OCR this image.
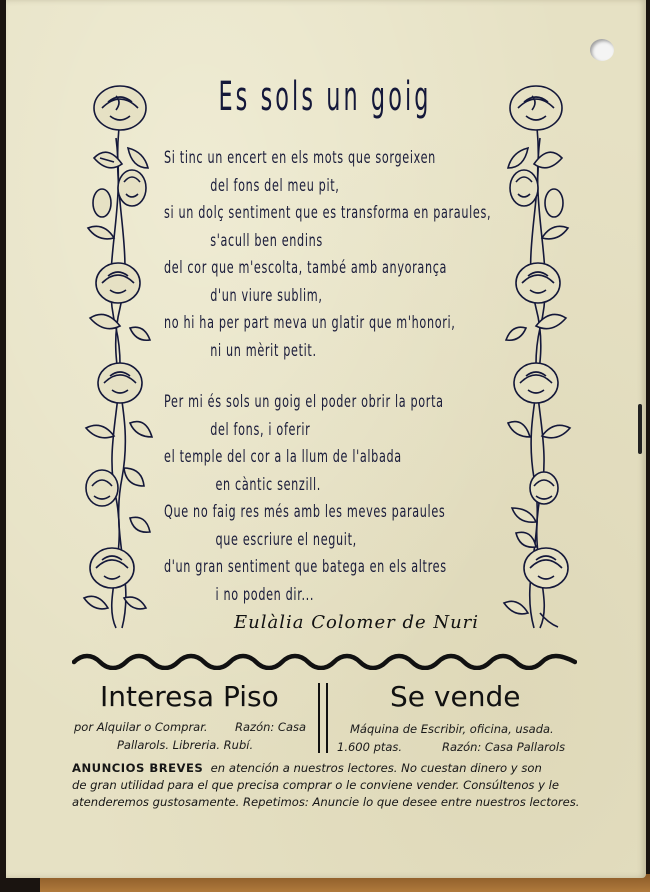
Es sols un goig
Si tinc un encert en els mots que sorgeixen
del fons del meu pit,
si un dolç sentiment que es transforma en paraules,
s'acull ben endins
del cor que m'escolta, també amb anyorança
d'un viure sublim,
no hi ha per part meva un glatir que m'honori,
ni un mèrit petit.
Per mi és sols un goig el poder obrir la porta
del fons, i oferir
el temple del cor a la llum de l'albada
en càntic senzill.
Que no faig res més amb les meves paraules
que escriure el neguit,
d'un gran sentiment que batega en els altres
i no poden dir...
Eulàlia Colomer de Nuri
Interesa Piso
por Alquilar o Comprar. Razón: Casa
Pallarols. Libreria. Rubí.
Se vende
Máquina de Escribir, oficina, usada.
1.600 ptas.	Razón: Casa Pallarols
ANUNCIOS BREVES en atención a nuestros lectores. No cuestan dinero y son
de gran utilidad para el que precisa comprar o le conviene vender. Consúltenos y le
atenderemos gustosamente. Repetimos: Anuncie lo que desee entre nuestros lectores.
